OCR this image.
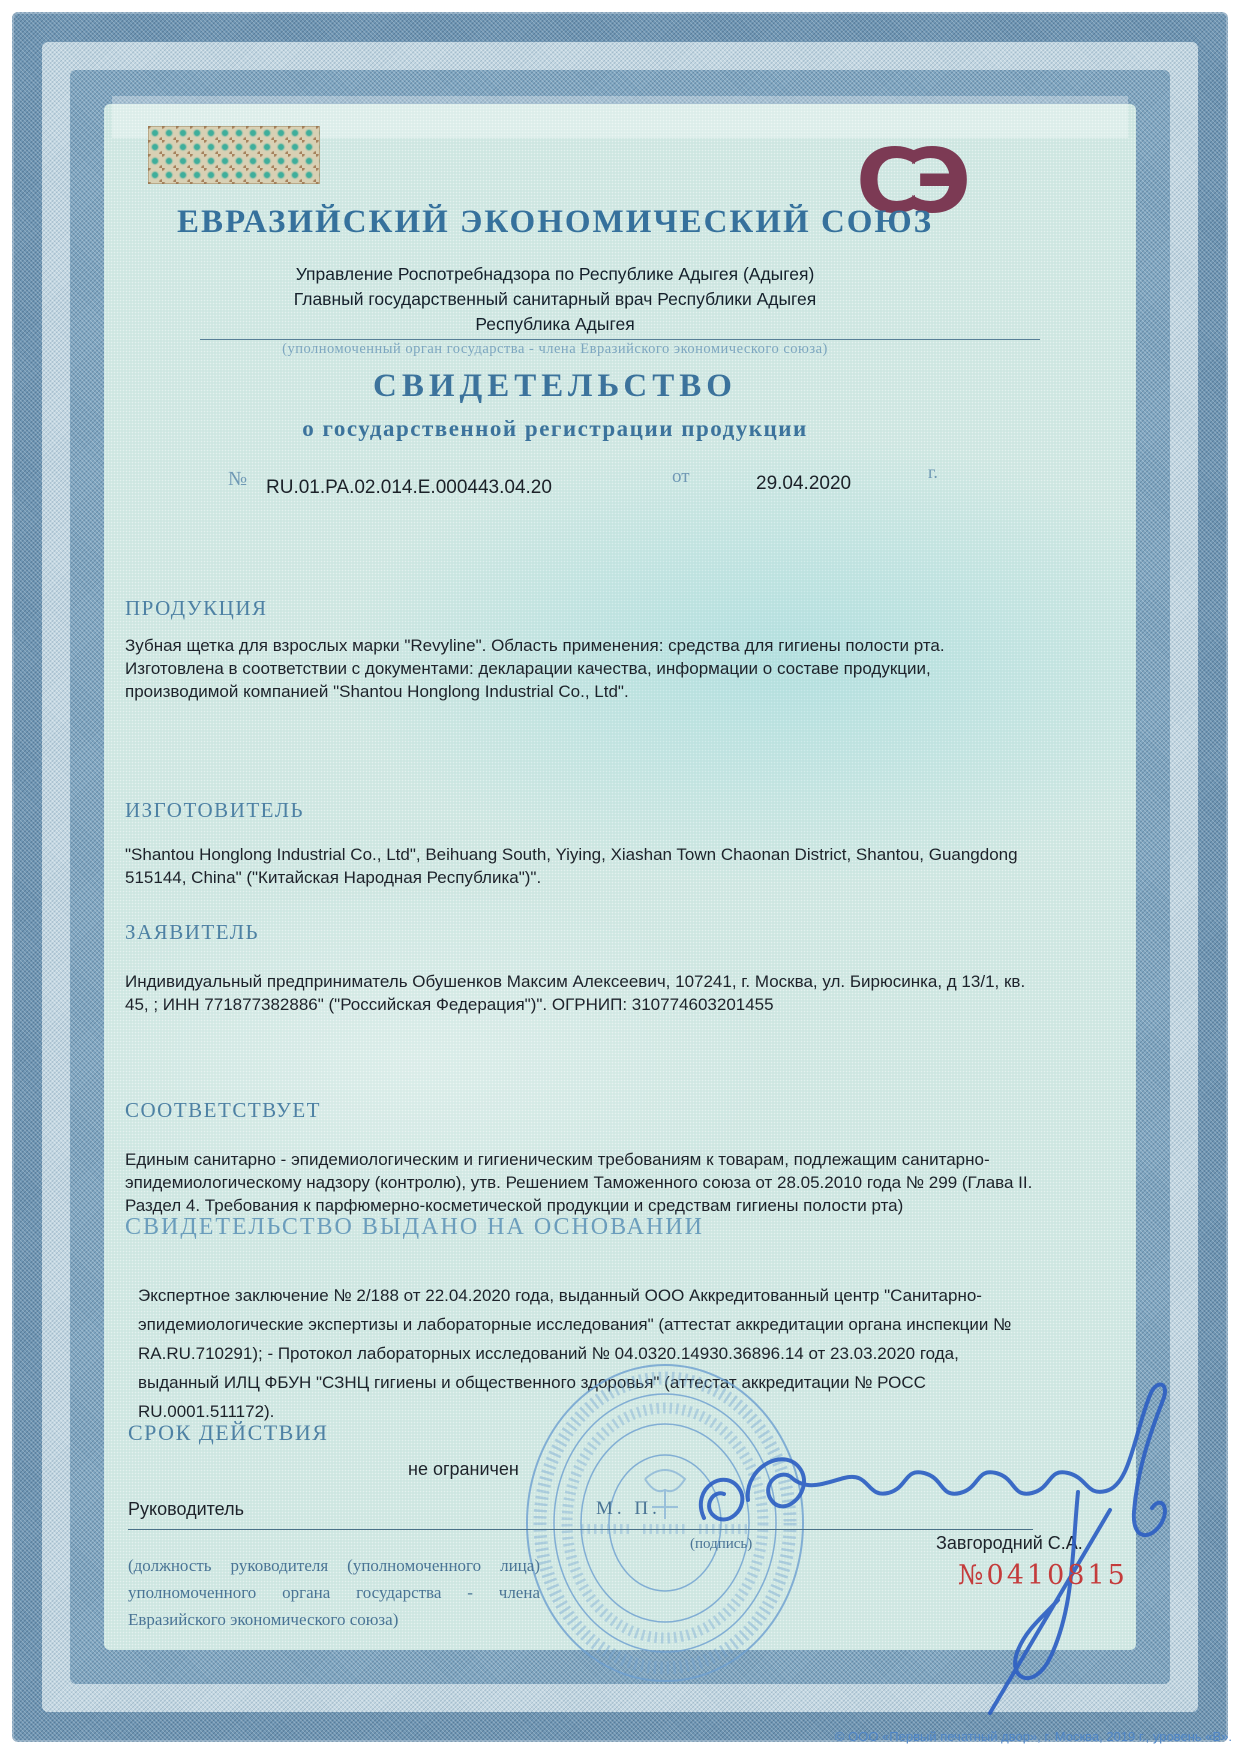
СЭ
ЕВРАЗИЙСКИЙ ЭКОНОМИЧЕСКИЙ СОЮЗ
Управление Роспотребнадзора по Республике Адыгея (Адыгея)
Главный государственный санитарный врач Республики Адыгея
Республика Адыгея
(уполномоченный орган государства - члена Евразийского экономического союза)
СВИДЕТЕЛЬСТВО
о государственной регистрации продукции
№ RU.01.PA.02.014.E.000443.04.20
от	29.04.2020
г.
ПРОДУКЦИЯ
Зубная щетка для взрослых марки "Revyline". Область применения: средства для гигиены полости рта. Изготовлена в соответствии с документами: декларации качества, информации о составе продукции, производимой компанией "Shantou Honglong Industrial Co., Ltd".
ИЗГОТОВИТЕЛЬ
"Shantou Honglong Industrial Co., Ltd", Beihuang South, Yiying, Xiashan Town Chaonan District, Shantou, Guangdong 515144, China" ("Китайская Народная Республика")".
ЗАЯВИТЕЛЬ
Индивидуальный предприниматель Обушенков Максим Алексеевич, 107241, г. Москва, ул. Бирюсинка, д 13/1, кв. 45, ; ИНН 771877382886" ("Российская Федерация")". ОГРНИП: 310774603201455
СООТВЕТСТВУЕТ
Единым санитарно - эпидемиологическим и гигиеническим требованиям к товарам, подлежащим санитарно-эпидемиологическому надзору (контролю), утв. Решением Таможенного союза от 28.05.2010 года № 299 (Глава II. Раздел 4. Требования к парфюмерно-косметической продукции и средствам гигиены полости рта)
СВИДЕТЕЛЬСТВО ВЫДАНО НА ОСНОВАНИИ
Экспертное заключение № 2/188 от 22.04.2020 года, выданный ООО Аккредитованный центр "Санитарно-эпидемиологические экспертизы и лабораторные исследования" (аттестат аккредитации органа инспекции № RA.RU.710291); - Протокол лабораторных исследований № 04.0320.14930.36896.14 от 23.03.2020 года, выданный ИЛЦ ФБУН "СЗНЦ гигиены и общественного здоровья" (аттестат аккредитации № РОСС RU.0001.511172).
СРОК ДЕЙСТВИЯ
не ограничен
Руководитель	М. П.
(подпись)	Завгородний С.А.
(должность руководителя (уполномоченного лица) уполномоченного органа государства - члена Евразийского экономического союза)
№0410815
© ООО «Первый печатный двор», г. Москва, 2019 г., уровень «В».
